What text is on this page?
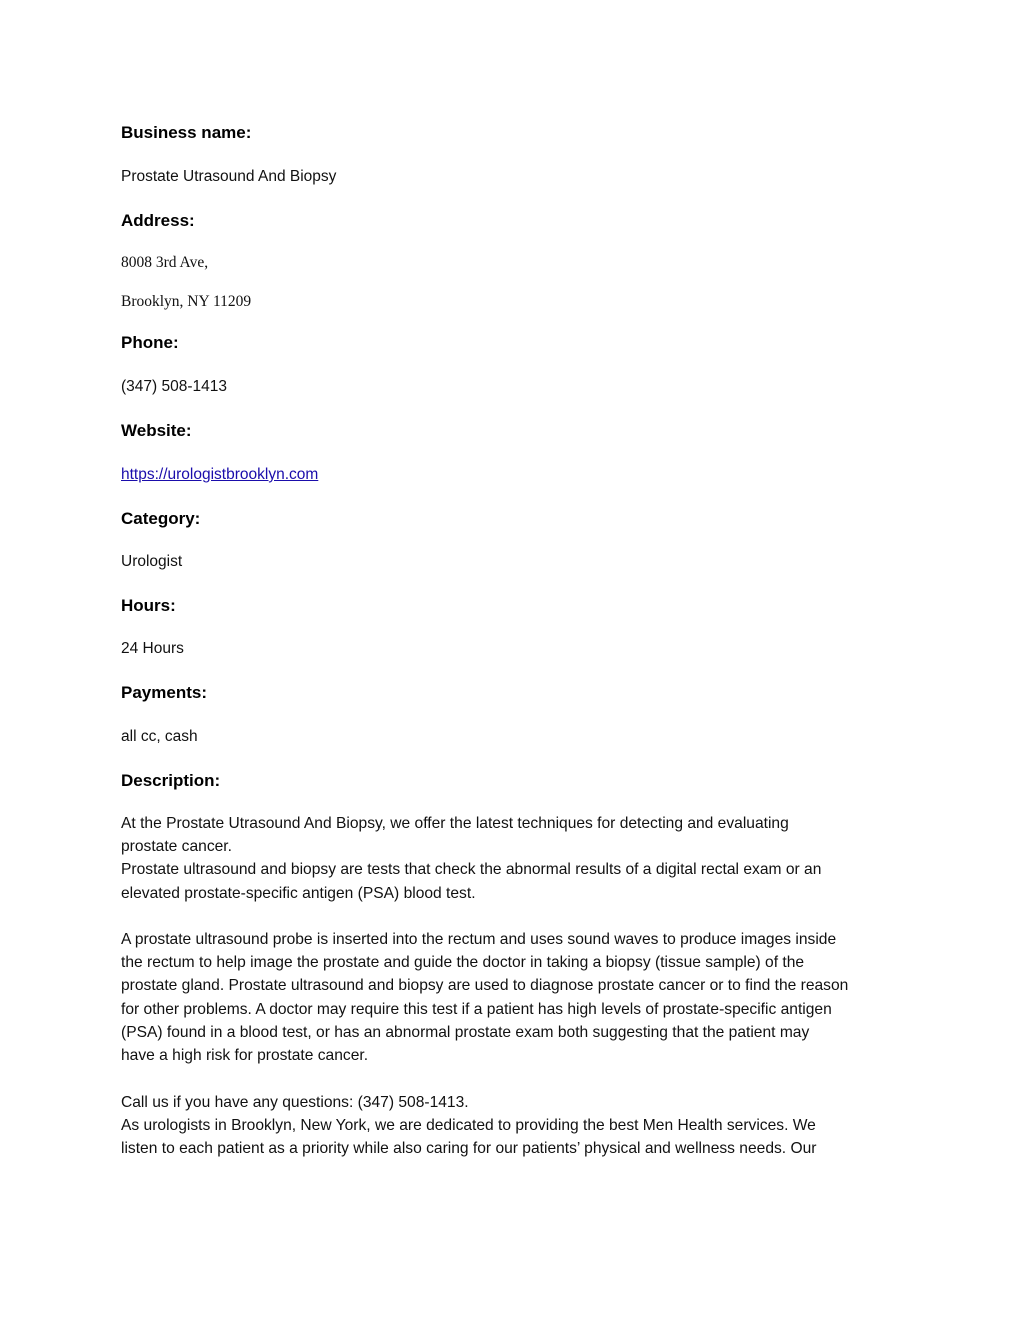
Business name:
Prostate Utrasound And Biopsy
Address:
8008 3rd Ave,
Brooklyn, NY 11209
Phone:
(347) 508-1413
Website:
https://urologistbrooklyn.com
Category:
Urologist
Hours:
24 Hours
Payments:
all cc, cash
Description:
At the Prostate Utrasound And Biopsy, we offer the latest techniques for detecting and evaluating
prostate cancer.
Prostate ultrasound and biopsy are tests that check the abnormal results of a digital rectal exam or an
elevated prostate-specific antigen (PSA) blood test.
A prostate ultrasound probe is inserted into the rectum and uses sound waves to produce images inside
the rectum to help image the prostate and guide the doctor in taking a biopsy (tissue sample) of the
prostate gland. Prostate ultrasound and biopsy are used to diagnose prostate cancer or to find the reason
for other problems. A doctor may require this test if a patient has high levels of prostate-specific antigen
(PSA) found in a blood test, or has an abnormal prostate exam both suggesting that the patient may
have a high risk for prostate cancer.
Call us if you have any questions: (347) 508-1413.
As urologists in Brooklyn, New York, we are dedicated to providing the best Men Health services. We
listen to each patient as a priority while also caring for our patients’ physical and wellness needs. Our
